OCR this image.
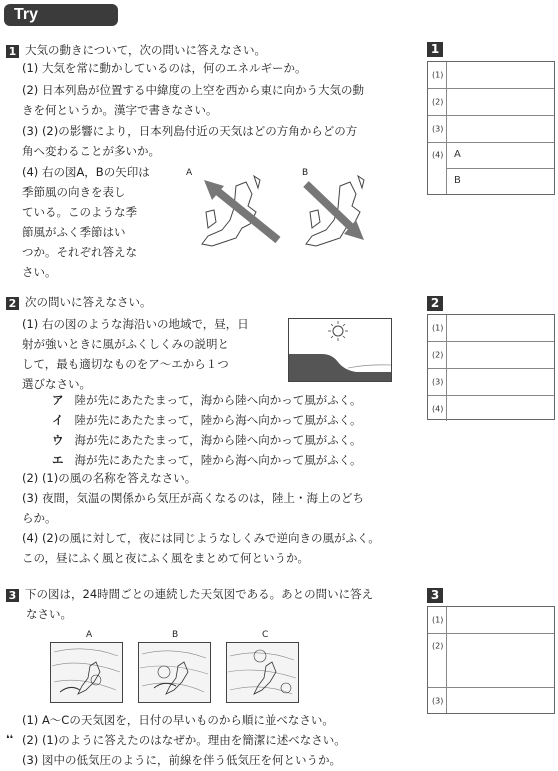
Try
1 大気の動きについて，次の問いに答えなさい。
(1) 大気を常に動かしているのは，何のエネルギーか。
(2) 日本列島が位置する中緯度の上空を西から東に向かう大気の動
きを何というか。漢字で書きなさい。
(3) (2)の影響により，日本列島付近の天気はどの方角からどの方
角へ変わることが多いか。
(4) 右の図A，Bの矢印は
季節風の向きを表し
ている。このような季
節風がふく季節はい
つか。それぞれ答えな
さい。
A	B
2 次の問いに答えなさい。
(1) 右の図のような海沿いの地域で，昼，日
射が強いときに風がふくしくみの説明と
して，最も適切なものをア～エから１つ
選びなさい。
ア 陸が先にあたたまって，海から陸へ向かって風がふく。
イ 陸が先にあたたまって，陸から海へ向かって風がふく。
ウ 海が先にあたたまって，海から陸へ向かって風がふく。
エ 海が先にあたたまって，陸から海へ向かって風がふく。
(2) (1)の風の名称を答えなさい。
(3) 夜間，気温の関係から気圧が高くなるのは，陸上・海上のどち
らか。
(4) (2)の風に対して，夜には同じようなしくみで逆向きの風がふく。
この，昼にふく風と夜にふく風をまとめて何というか。
3 下の図は，24時間ごとの連続した天気図である。あとの問いに答え
なさい。
A	B	C
(1) A～Cの天気図を，日付の早いものから順に並べなさい。
(2) (1)のように答えたのはなぜか。理由を簡潔に述べなさい。
(3) 図中の低気圧のように，前線を伴う低気圧を何というか。
❛❛
1
(1)
(2)
(3)
(4) A
B
2
(1)
(2)
(3)
(4)
3
(1)
(2)
(3)
